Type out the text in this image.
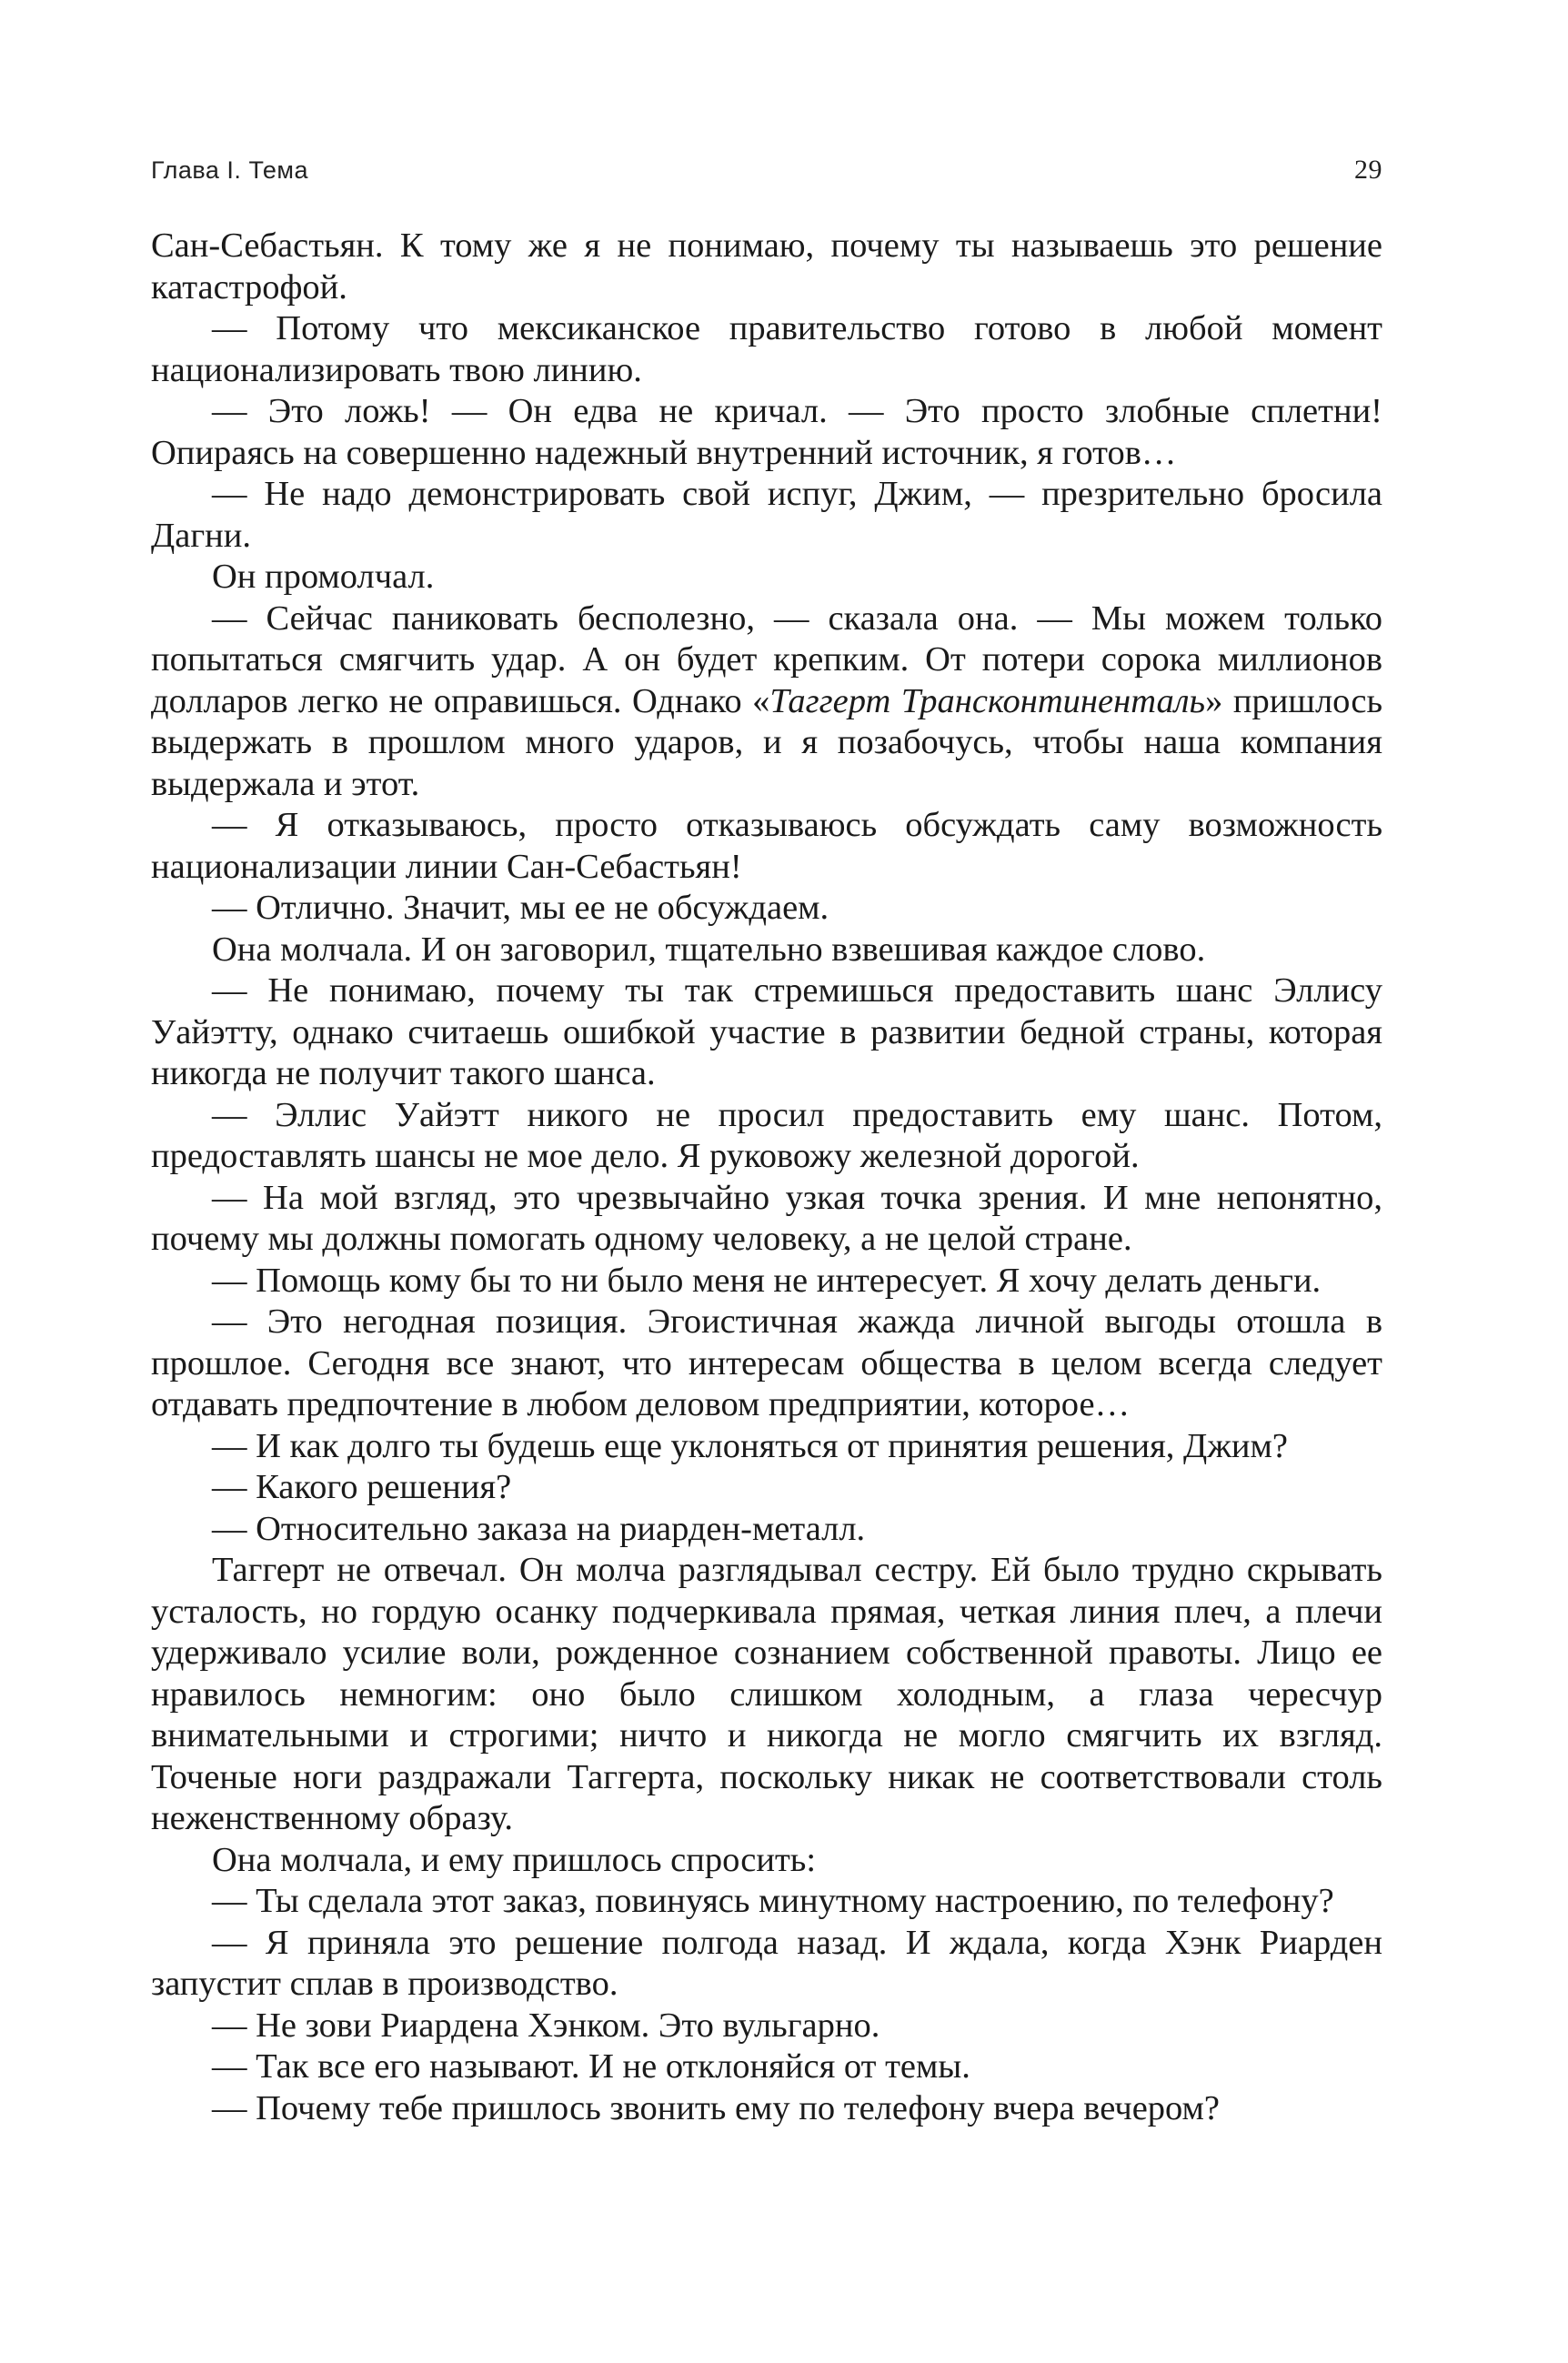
Глава I. Тема	29

Сан-Себастьян. К тому же я не понимаю, почему ты называешь это решение катастрофой.

— Потому что мексиканское правительство готово в любой момент национализировать твою линию.

— Это ложь! — Он едва не кричал. — Это просто злобные сплетни! Опираясь на совершенно надежный внутренний источник, я готов…

— Не надо демонстрировать свой испуг, Джим, — презрительно бросила Дагни.

Он промолчал.

— Сейчас паниковать бесполезно, — сказала она. — Мы можем только попытаться смягчить удар. А он будет крепким. От потери сорока миллионов долларов легко не оправишься. Однако «Таггерт Трансконтиненталь» пришлось выдержать в прошлом много ударов, и я позабочусь, чтобы наша компания выдержала и этот.

— Я отказываюсь, просто отказываюсь обсуждать саму возможность национализации линии Сан-Себастьян!

— Отлично. Значит, мы ее не обсуждаем.

Она молчала. И он заговорил, тщательно взвешивая каждое слово.

— Не понимаю, почему ты так стремишься предоставить шанс Эллису Уайэтту, однако считаешь ошибкой участие в развитии бедной страны, которая никогда не получит такого шанса.

— Эллис Уайэтт никого не просил предоставить ему шанс. Потом, предоставлять шансы не мое дело. Я руковожу железной дорогой.

— На мой взгляд, это чрезвычайно узкая точка зрения. И мне непонятно, почему мы должны помогать одному человеку, а не целой стране.

— Помощь кому бы то ни было меня не интересует. Я хочу делать деньги.

— Это негодная позиция. Эгоистичная жажда личной выгоды отошла в прошлое. Сегодня все знают, что интересам общества в целом всегда следует отдавать предпочтение в любом деловом предприятии, которое…

— И как долго ты будешь еще уклоняться от принятия решения, Джим?

— Какого решения?

— Относительно заказа на риарден-металл.

Таггерт не отвечал. Он молча разглядывал сестру. Ей было трудно скрывать усталость, но гордую осанку подчеркивала прямая, четкая линия плеч, а плечи удерживало усилие воли, рожденное сознанием собственной правоты. Лицо ее нравилось немногим: оно было слишком холодным, а глаза чересчур внимательными и строгими; ничто и никогда не могло смягчить их взгляд. Точеные ноги раздражали Таггерта, поскольку никак не соответствовали столь неженственному образу.

Она молчала, и ему пришлось спросить:

— Ты сделала этот заказ, повинуясь минутному настроению, по телефону?

— Я приняла это решение полгода назад. И ждала, когда Хэнк Риарден запустит сплав в производство.

— Не зови Риардена Хэнком. Это вульгарно.

— Так все его называют. И не отклоняйся от темы.

— Почему тебе пришлось звонить ему по телефону вчера вечером?
